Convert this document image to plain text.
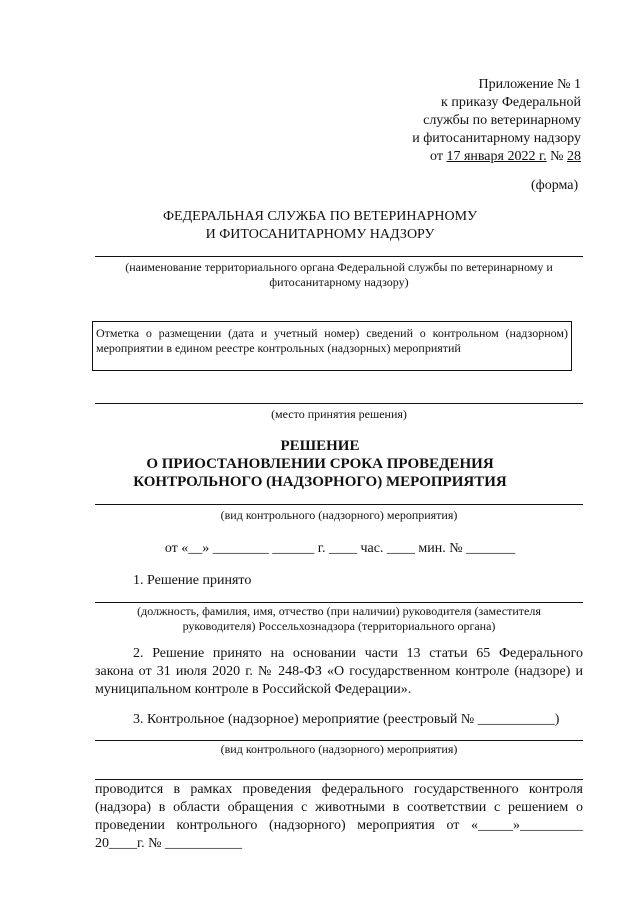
Приложение № 1
к приказу Федеральной
службы по ветеринарному
и фитосанитарному надзору
от 17 января 2022 г. № 28
(форма)
ФЕДЕРАЛЬНАЯ СЛУЖБА ПО ВЕТЕРИНАРНОМУ
И ФИТОСАНИТАРНОМУ НАДЗОРУ
(наименование территориального органа Федеральной службы по ветеринарному и
фитосанитарному надзору)
Отметка о размещении (дата и учетный номер) сведений о контрольном (надзорном)
мероприятии в едином реестре контрольных (надзорных) мероприятий
(место принятия решения)
РЕШЕНИЕ
О ПРИОСТАНОВЛЕНИИ СРОКА ПРОВЕДЕНИЯ
КОНТРОЛЬНОГО (НАДЗОРНОГО) МЕРОПРИЯТИЯ
(вид контрольного (надзорного) мероприятия)
от «__» ________ ______ г. ____ час. ____ мин. № _______
1. Решение принято
(должность, фамилия, имя, отчество (при наличии) руководителя (заместителя
руководителя) Россельхознадзора (территориального органа)
2. Решение принято на основании части 13 статьи 65 Федерального
закона от 31 июля 2020 г. № 248-ФЗ «О государственном контроле (надзоре) и
муниципальном контроле в Российской Федерации».
3. Контрольное (надзорное) мероприятие (реестровый № ___________)
(вид контрольного (надзорного) мероприятия)
проводится в рамках проведения федерального государственного контроля
(надзора) в области обращения с животными в соответствии с решением о
проведении контрольного (надзорного) мероприятия от «_____»_________
20____г. № ___________
